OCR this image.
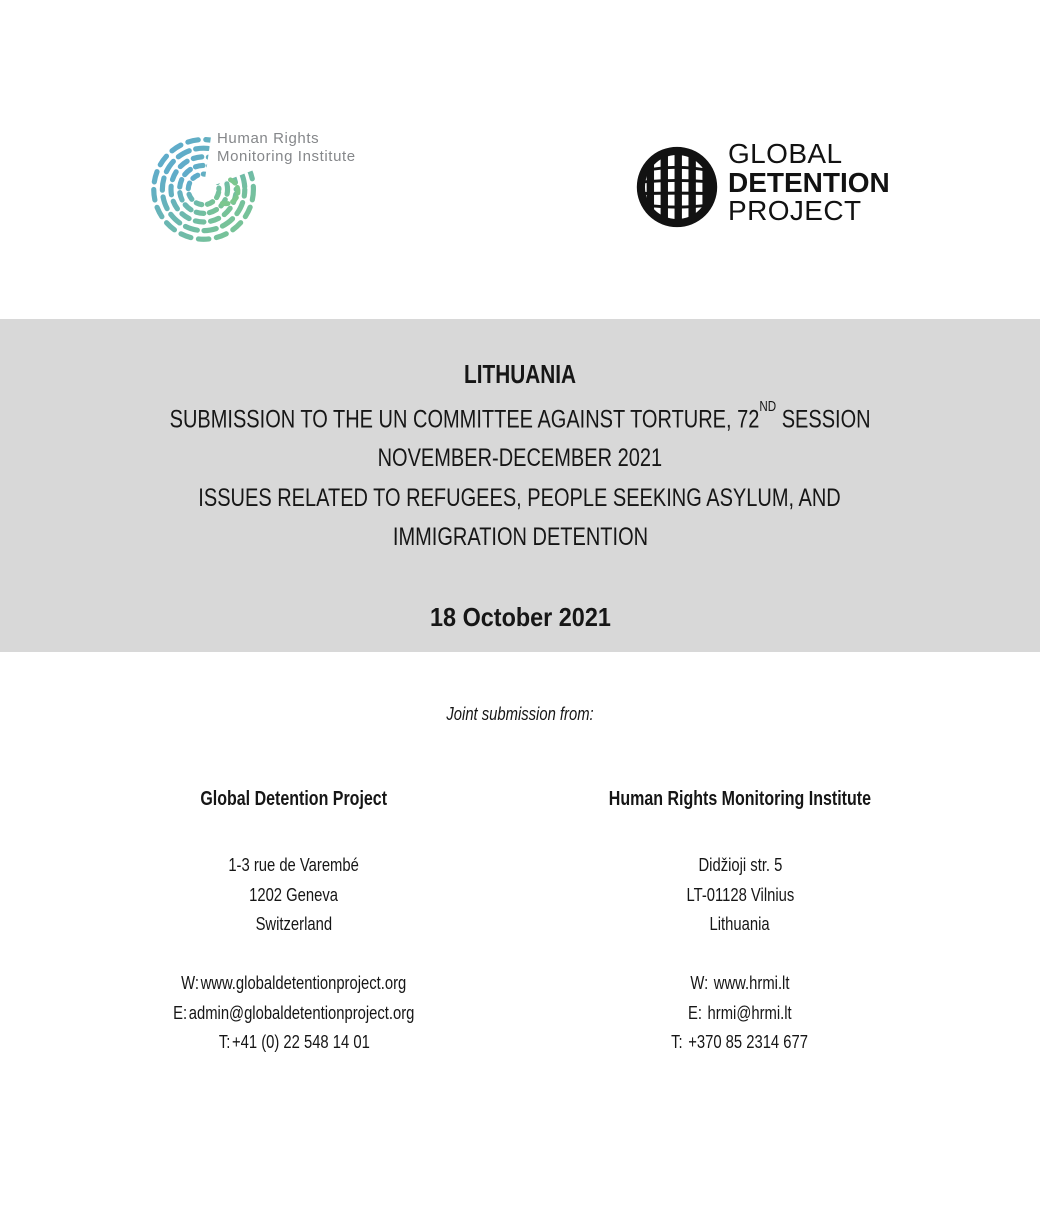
Human Rights
Monitoring Institute	GLOBAL
DETENTION
PROJECT
LITHUANIA
SUBMISSION TO THE UN COMMITTEE AGAINST TORTURE, 72ND SESSION
NOVEMBER-DECEMBER 2021
ISSUES RELATED TO REFUGEES, PEOPLE SEEKING ASYLUM, AND
IMMIGRATION DETENTION
18 October 2021
Joint submission from:
Global Detention Project
1-3 rue de Varembé
1202 Geneva
Switzerland
W:www.globaldetentionproject.org
E:admin@globaldetentionproject.org
T:+41 (0) 22 548 14 01
Human Rights Monitoring Institute
Didžioji str. 5
LT-01128 Vilnius
Lithuania
W: www.hrmi.lt
E: hrmi@hrmi.lt
T: +370 85 2314 677
